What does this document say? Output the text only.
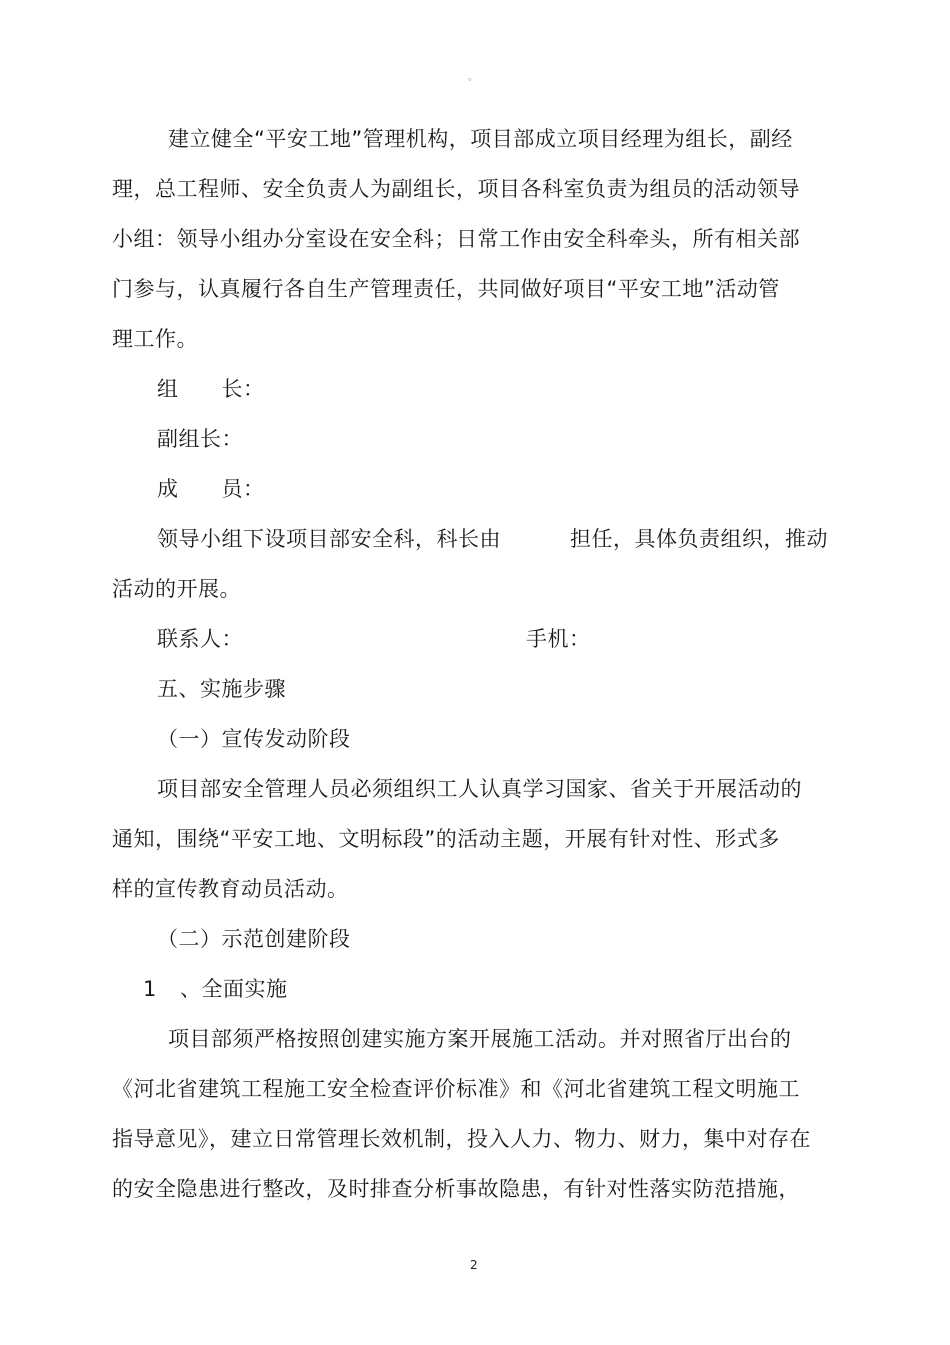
。
建立健全“平安工地”管理机构，项目部成立项目经理为组长，副经
理，总工程师、安全负责人为副组长，项目各科室负责为组员的活动领导
小组：领导小组办分室设在安全科；日常工作由安全科牵头，所有相关部
门参与，认真履行各自生产管理责任，共同做好项目“平安工地”活动管
理工作。
组　　长：
副组长：
成　　员：
领导小组下设项目部安全科，科长由	担任，具体负责组织，推动
活动的开展。
联系人：	手机：
五、实施步骤
（一）宣传发动阶段
项目部安全管理人员必须组织工人认真学习国家、省关于开展活动的
通知，围绕“平安工地、文明标段”的活动主题，开展有针对性、形式多
样的宣传教育动员活动。
（二）示范创建阶段
1 、全面实施
项目部须严格按照创建实施方案开展施工活动。并对照省厅出台的
《河北省建筑工程施工安全检查评价标准》和《河北省建筑工程文明施工
指导意见》，建立日常管理长效机制，投入人力、物力、财力，集中对存在
的安全隐患进行整改，及时排查分析事故隐患，有针对性落实防范措施，
2
